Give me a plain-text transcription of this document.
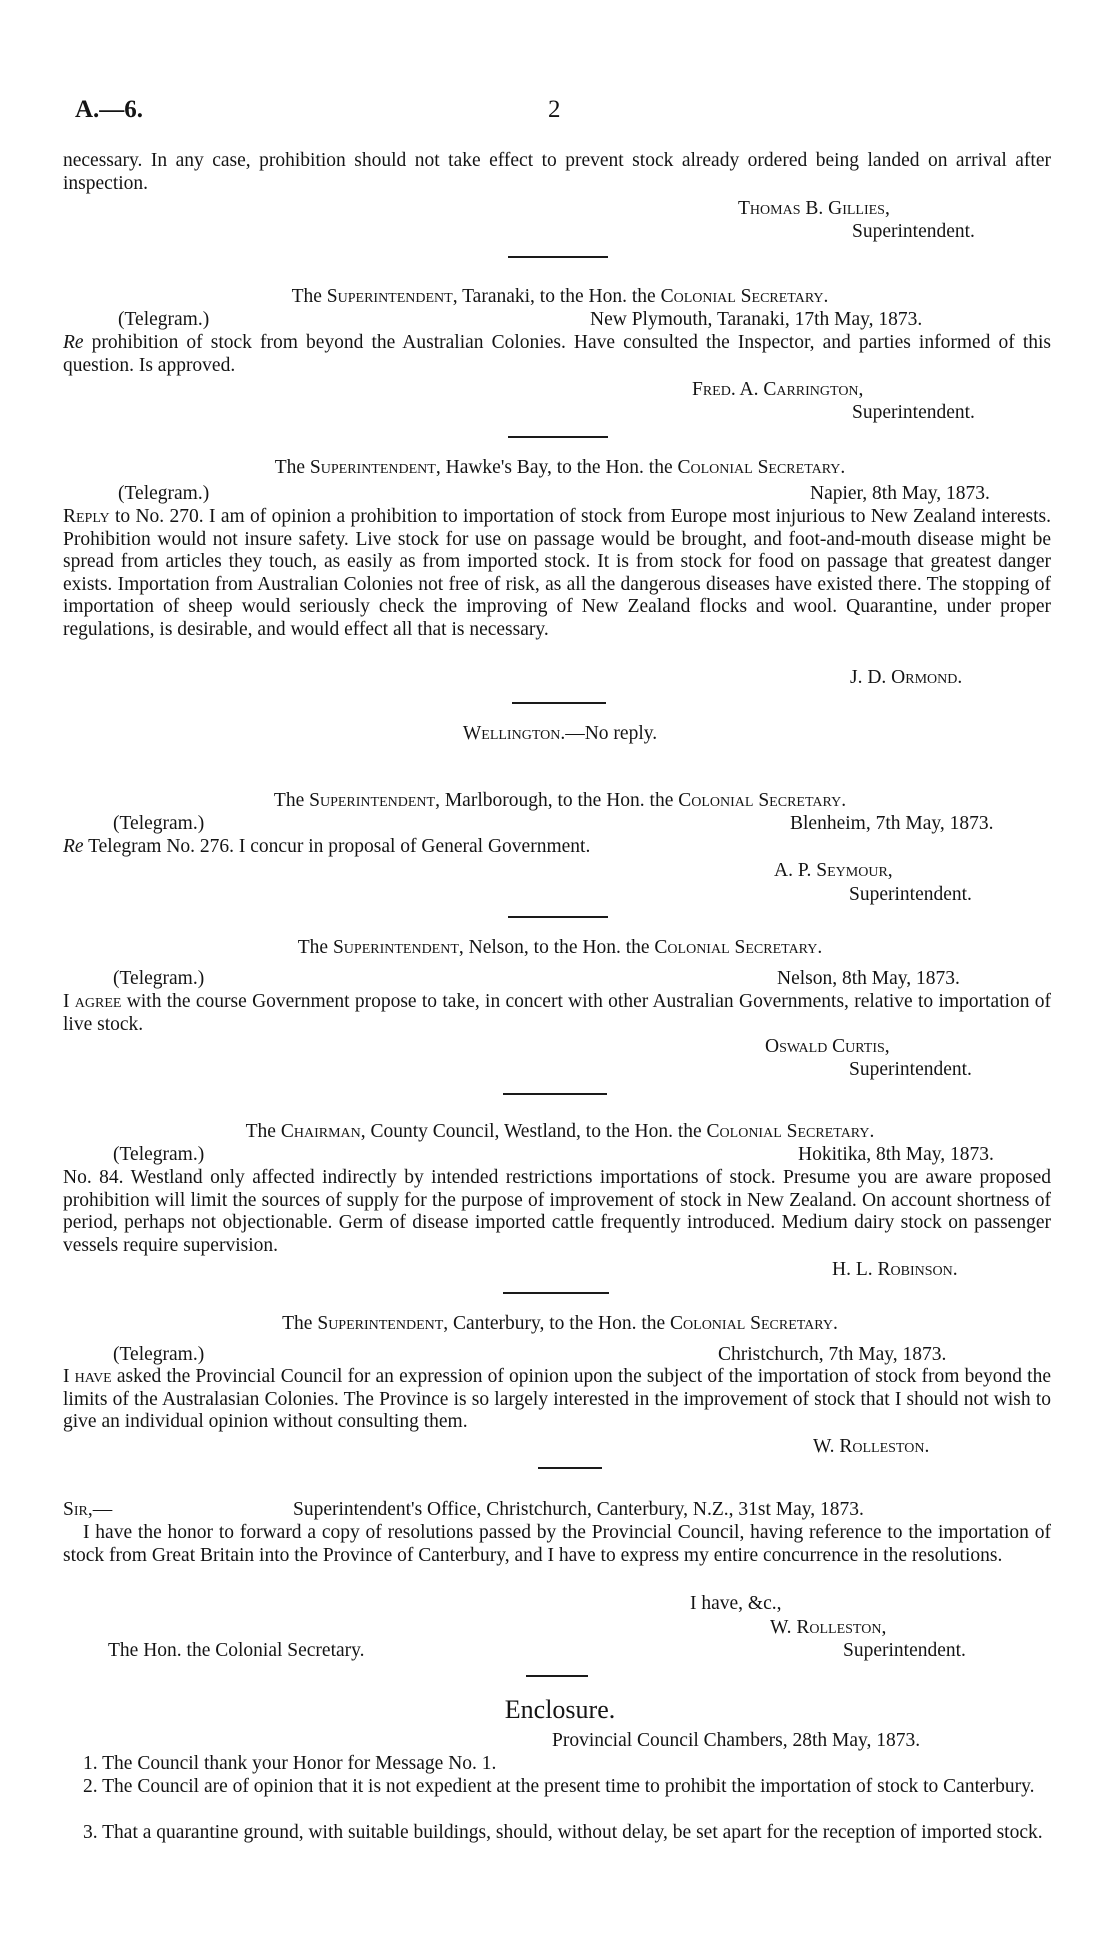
A.—6.	2

necessary. In any case, prohibition should not take effect to prevent stock already ordered being landed on arrival after inspection.

Thomas B. Gillies,
Superintendent.
The Superintendent, Taranaki, to the Hon. the Colonial Secretary.
(Telegram.)	New Plymouth, Taranaki, 17th May, 1873.

Re prohibition of stock from beyond the Australian Colonies. Have consulted the Inspector, and parties informed of this question. Is approved.

Fred. A. Carrington,
Superintendent.
The Superintendent, Hawke's Bay, to the Hon. the Colonial Secretary.
(Telegram.)	Napier, 8th May, 1873.

Reply to No. 270. I am of opinion a prohibition to importation of stock from Europe most injurious to New Zealand interests. Prohibition would not insure safety. Live stock for use on passage would be brought, and foot-and-mouth disease might be spread from articles they touch, as easily as from imported stock. It is from stock for food on passage that greatest danger exists. Importation from Australian Colonies not free of risk, as all the dangerous diseases have existed there. The stopping of importation of sheep would seriously check the improving of New Zealand flocks and wool. Quarantine, under proper regulations, is desirable, and would effect all that is necessary.

J. D. Ormond.
Wellington.—No reply.
The Superintendent, Marlborough, to the Hon. the Colonial Secretary.
(Telegram.)	Blenheim, 7th May, 1873.

Re Telegram No. 276. I concur in proposal of General Government.

A. P. Seymour,
Superintendent.
The Superintendent, Nelson, to the Hon. the Colonial Secretary.
(Telegram.)	Nelson, 8th May, 1873.

I agree with the course Government propose to take, in concert with other Australian Governments, relative to importation of live stock.

Oswald Curtis,
Superintendent.
The Chairman, County Council, Westland, to the Hon. the Colonial Secretary.
(Telegram.)	Hokitika, 8th May, 1873.

No. 84. Westland only affected indirectly by intended restrictions importations of stock. Presume you are aware proposed prohibition will limit the sources of supply for the purpose of improvement of stock in New Zealand. On account shortness of period, perhaps not objectionable. Germ of disease imported cattle frequently introduced. Medium dairy stock on passenger vessels require supervision.

H. L. Robinson.
The Superintendent, Canterbury, to the Hon. the Colonial Secretary.
(Telegram.)	Christchurch, 7th May, 1873.

I have asked the Provincial Council for an expression of opinion upon the subject of the importation of stock from beyond the limits of the Australasian Colonies. The Province is so largely interested in the improvement of stock that I should not wish to give an individual opinion without consulting them.

W. Rolleston.
Sir,—	Superintendent's Office, Christchurch, Canterbury, N.Z., 31st May, 1873.

I have the honor to forward a copy of resolutions passed by the Provincial Council, having reference to the importation of stock from Great Britain into the Province of Canterbury, and I have to express my entire concurrence in the resolutions.

I have, &c.,
W. Rolleston,
The Hon. the Colonial Secretary.	Superintendent.
Enclosure.
Provincial Council Chambers, 28th May, 1873.

1. The Council thank your Honor for Message No. 1.

2. The Council are of opinion that it is not expedient at the present time to prohibit the importation of stock to Canterbury.

3. That a quarantine ground, with suitable buildings, should, without delay, be set apart for the reception of imported stock.
